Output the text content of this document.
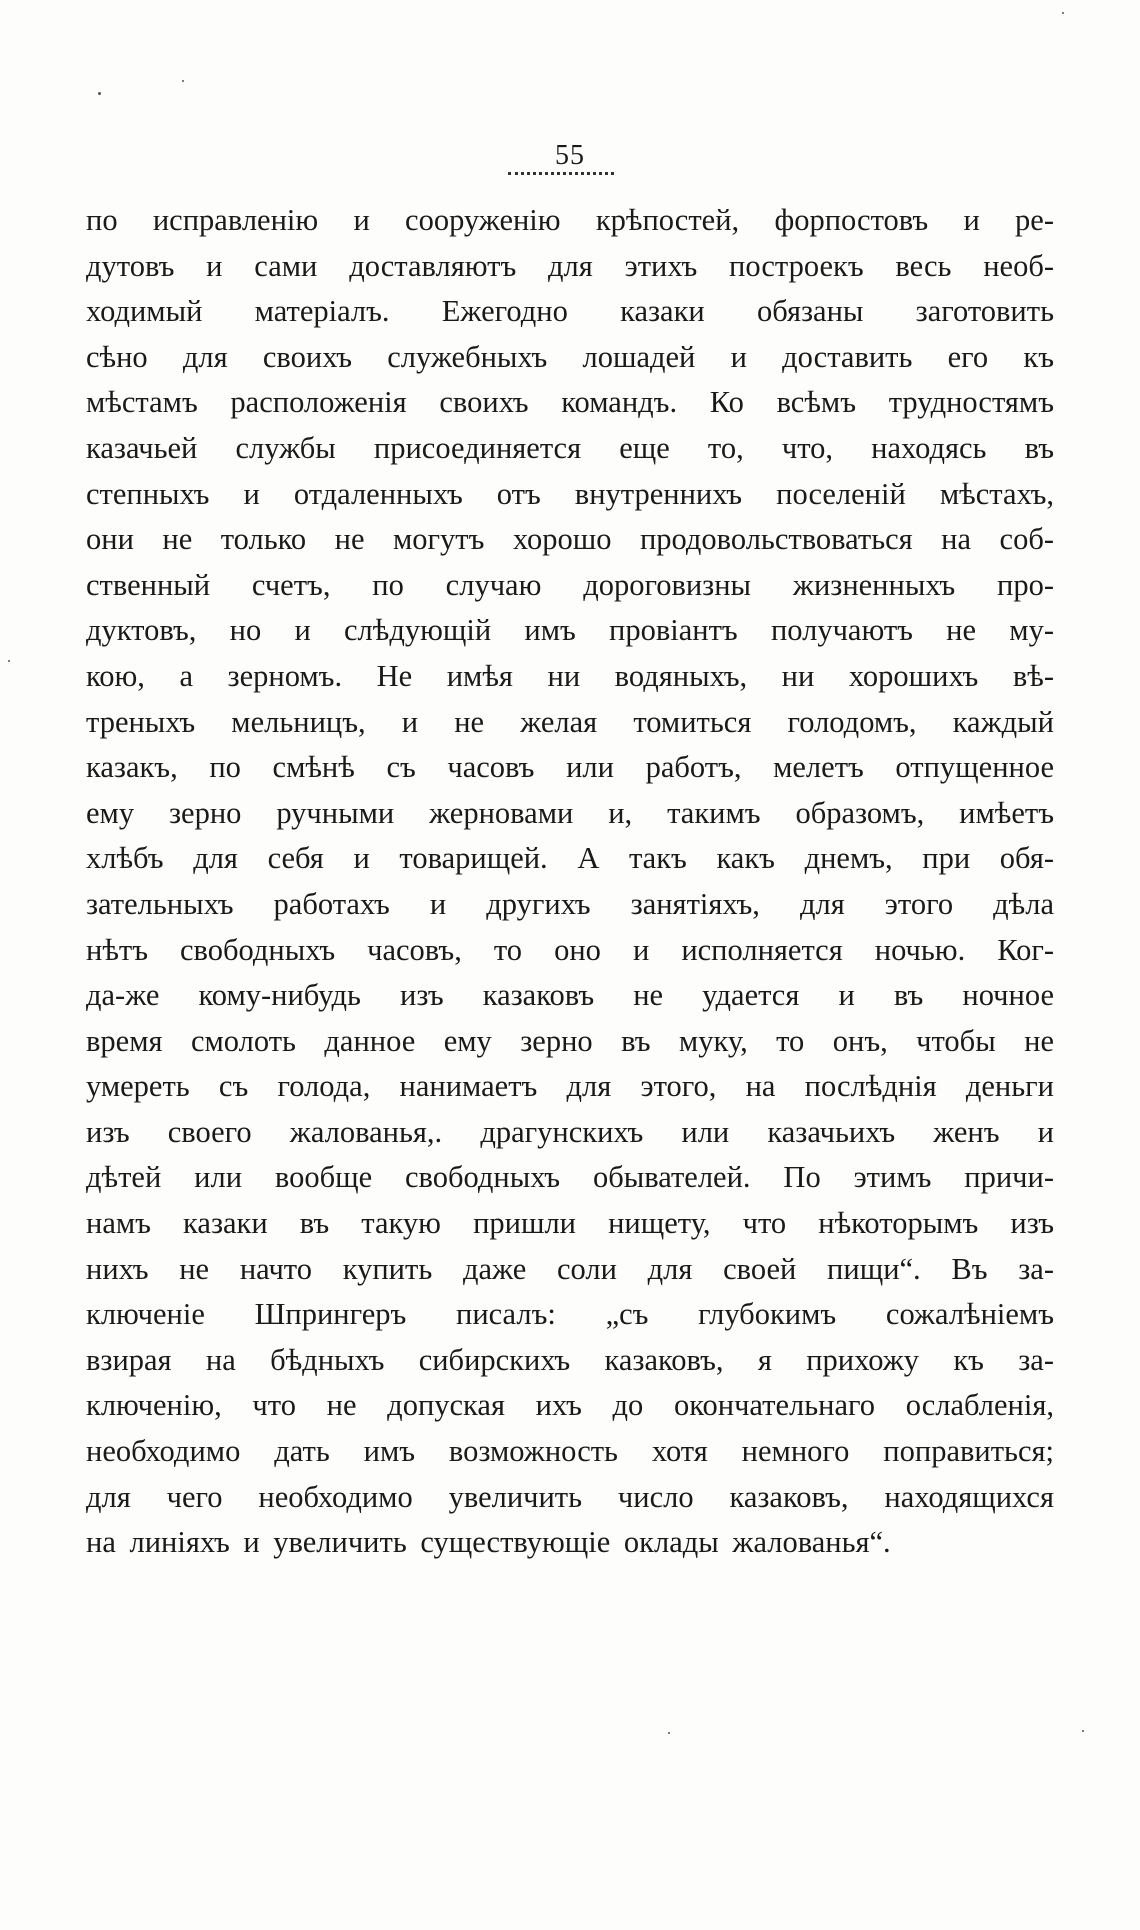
55
по исправленію и сооруженію крѣпостей, форпостовъ и ре-
дутовъ и сами доставляютъ для этихъ построекъ весь необ-
ходимый матеріалъ. Ежегодно казаки обязаны заготовить
сѣно для своихъ служебныхъ лошадей и доставить его къ
мѣстамъ расположенія своихъ командъ. Ко всѣмъ трудностямъ
казачьей службы присоединяется еще то, что, находясь въ
степныхъ и отдаленныхъ отъ внутреннихъ поселеній мѣстахъ,
они не только не могутъ хорошо продовольствоваться на соб-
ственный счетъ, по случаю дороговизны жизненныхъ про-
дуктовъ, но и слѣдующій имъ провіантъ получаютъ не му-
кою, а зерномъ. Не имѣя ни водяныхъ, ни хорошихъ вѣ-
треныхъ мельницъ, и не желая томиться голодомъ, каждый
казакъ, по смѣнѣ съ часовъ или работъ, мелетъ отпущенное
ему зерно ручными жерновами и, такимъ образомъ, имѣетъ
хлѣбъ для себя и товарищей. А такъ какъ днемъ, при обя-
зательныхъ работахъ и другихъ занятіяхъ, для этого дѣла
нѣтъ свободныхъ часовъ, то оно и исполняется ночью. Ког-
да-же кому-нибудь изъ казаковъ не удается и въ ночное
время смолоть данное ему зерно въ муку, то онъ, чтобы не
умереть съ голода, нанимаетъ для этого, на послѣднія деньги
изъ своего жалованья,. драгунскихъ или казачьихъ женъ и
дѣтей или вообще свободныхъ обывателей. По этимъ причи-
намъ казаки въ такую пришли нищету, что нѣкоторымъ изъ
нихъ не начто купить даже соли для своей пищи“. Въ за-
ключеніе Шпрингеръ писалъ: „съ глубокимъ сожалѣніемъ
взирая на бѣдныхъ сибирскихъ казаковъ, я прихожу къ за-
ключенію, что не допуская ихъ до окончательнаго ослабленія,
необходимо дать имъ возможность хотя немного поправиться;
для чего необходимо увеличить число казаковъ, находящихся
на линіяхъ и увеличить существующіе оклады жалованья“.
